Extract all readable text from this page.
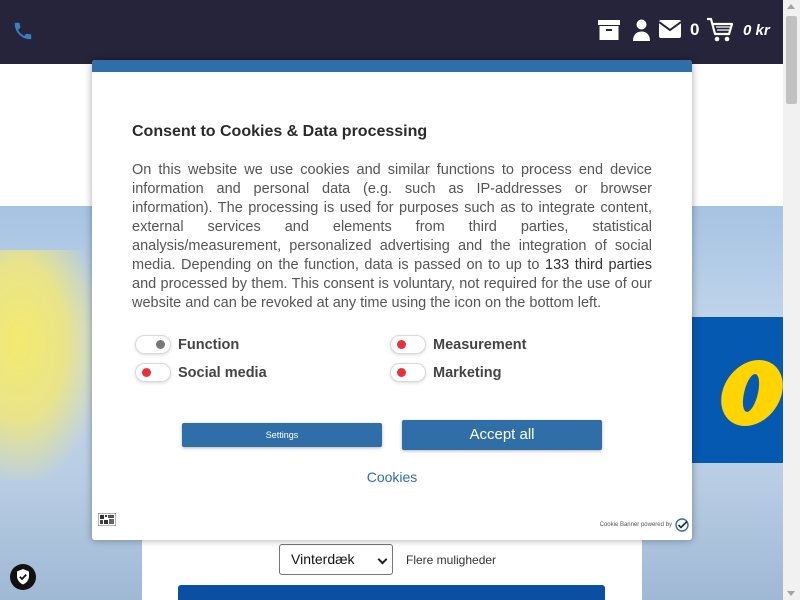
0	0 kr
Vinterdæk	Flere muligheder
Consent to Cookies & Data processing
On this website we use cookies and similar functions to process end device information and personal data (e.g. such as IP-addresses or browser information). The processing is used for purposes such as to integrate content, external services and elements from third parties, statistical analysis/measurement, personalized advertising and the integration of social media. Depending on the function, data is passed on to up to 133 third parties and processed by them. This consent is voluntary, not required for the use of our website and can be revoked at any time using the icon on the bottom left.
Function	Measurement
Social media	Marketing
Settings	Accept all
Cookies
Cookie Banner powered by
